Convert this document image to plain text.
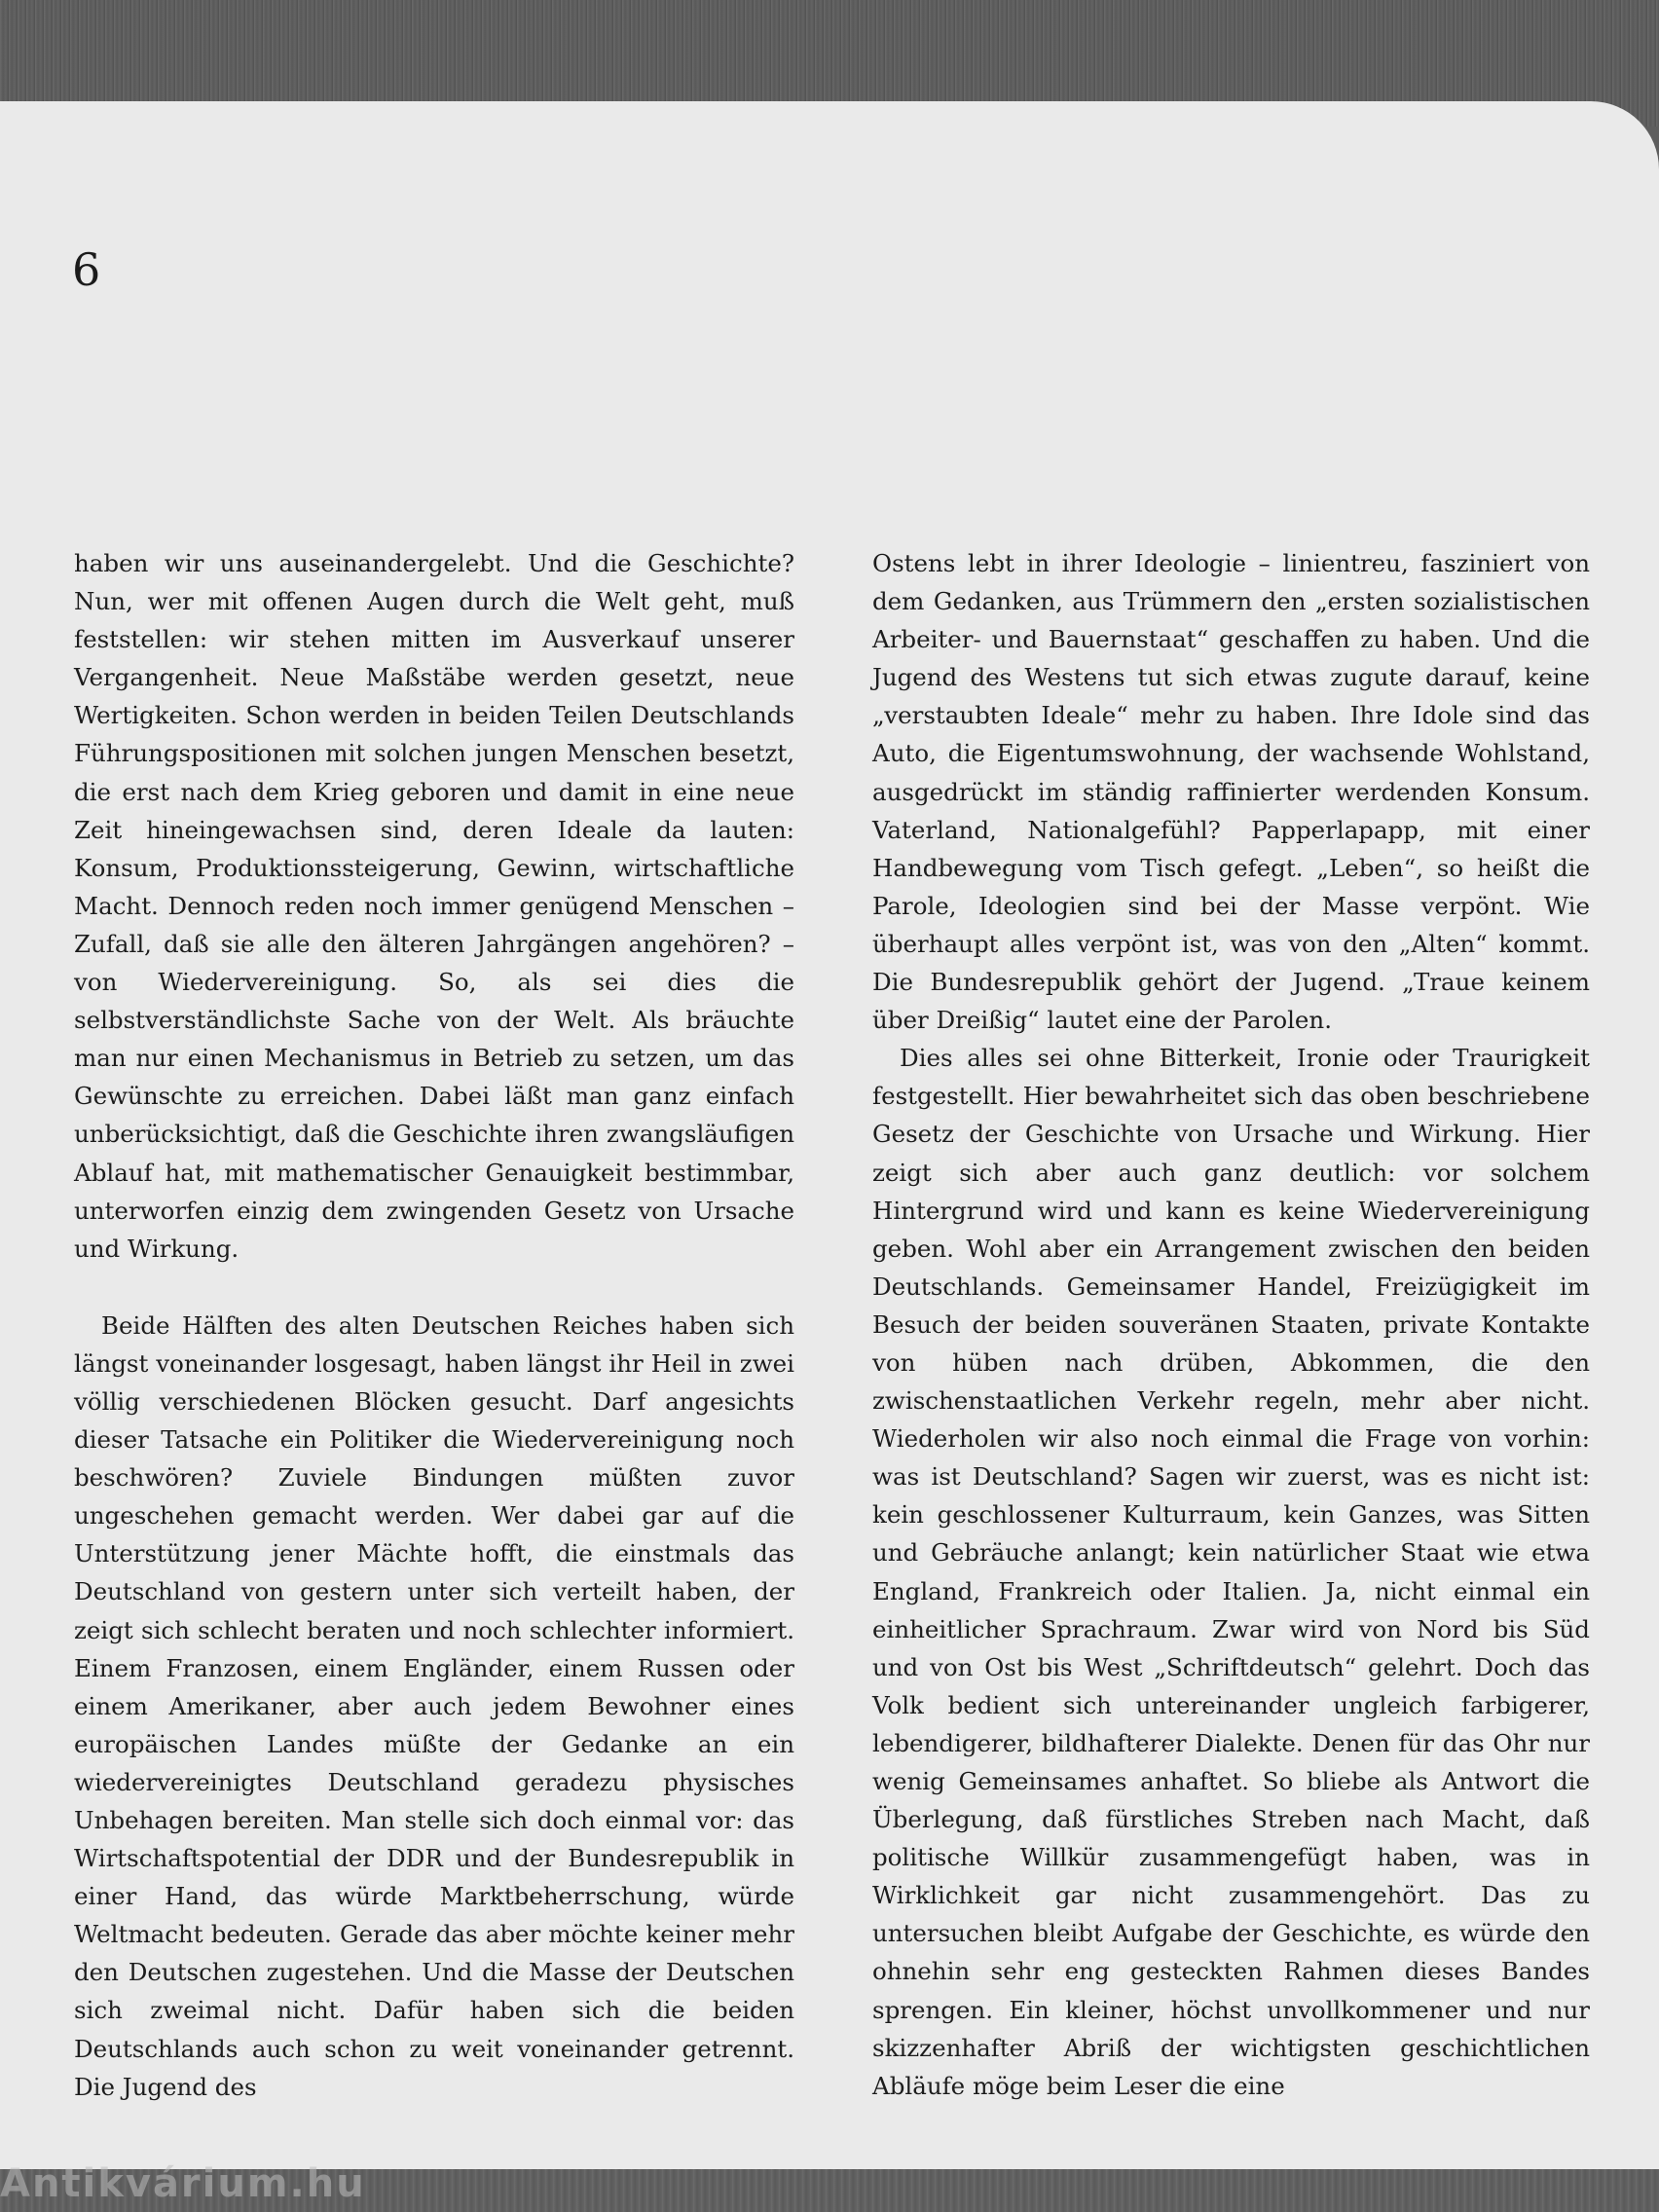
6

haben wir uns auseinandergelebt. Und die Geschichte? Nun, wer mit offenen Augen durch die Welt geht, muß feststellen: wir stehen mitten im Ausverkauf unserer Vergangenheit. Neue Maßstäbe werden gesetzt, neue Wertigkeiten. Schon werden in beiden Teilen Deutschlands Führungspositionen mit solchen jungen Menschen besetzt, die erst nach dem Krieg geboren und damit in eine neue Zeit hineingewachsen sind, deren Ideale da lauten: Konsum, Produktionssteigerung, Gewinn, wirtschaftliche Macht. Dennoch reden noch immer genügend Menschen – Zufall, daß sie alle den älteren Jahrgängen angehören? – von Wiedervereinigung. So, als sei dies die selbstverständlichste Sache von der Welt. Als bräuchte man nur einen Mechanismus in Betrieb zu setzen, um das Gewünschte zu erreichen. Dabei läßt man ganz einfach unberücksichtigt, daß die Geschichte ihren zwangsläufigen Ablauf hat, mit mathematischer Genauigkeit bestimmbar, unterworfen einzig dem zwingenden Gesetz von Ursache und Wirkung.

Beide Hälften des alten Deutschen Reiches haben sich längst voneinander losgesagt, haben längst ihr Heil in zwei völlig verschiedenen Blöcken gesucht. Darf angesichts dieser Tatsache ein Politiker die Wiedervereinigung noch beschwören? Zuviele Bindungen müßten zuvor ungeschehen gemacht werden. Wer dabei gar auf die Unterstützung jener Mächte hofft, die einstmals das Deutschland von gestern unter sich verteilt haben, der zeigt sich schlecht beraten und noch schlechter informiert. Einem Franzosen, einem Engländer, einem Russen oder einem Amerikaner, aber auch jedem Bewohner eines europäischen Landes müßte der Gedanke an ein wiedervereinigtes Deutschland geradezu physisches Unbehagen bereiten. Man stelle sich doch einmal vor: das Wirtschaftspotential der DDR und der Bundesrepublik in einer Hand, das würde Marktbeherrschung, würde Weltmacht bedeuten. Gerade das aber möchte keiner mehr den Deutschen zugestehen. Und die Masse der Deutschen sich zweimal nicht. Dafür haben sich die beiden Deutschlands auch schon zu weit voneinander getrennt. Die Jugend des

Ostens lebt in ihrer Ideologie – linientreu, fasziniert von dem Gedanken, aus Trümmern den „ersten sozialistischen Arbeiter- und Bauernstaat“ geschaffen zu haben. Und die Jugend des Westens tut sich etwas zugute darauf, keine „verstaubten Ideale“ mehr zu haben. Ihre Idole sind das Auto, die Eigentumswohnung, der wachsende Wohlstand, ausgedrückt im ständig raffinierter werdenden Konsum. Vaterland, Nationalgefühl? Papperlapapp, mit einer Handbewegung vom Tisch gefegt. „Leben“, so heißt die Parole, Ideologien sind bei der Masse verpönt. Wie überhaupt alles verpönt ist, was von den „Alten“ kommt. Die Bundesrepublik gehört der Jugend. „Traue keinem über Dreißig“ lautet eine der Parolen.

Dies alles sei ohne Bitterkeit, Ironie oder Traurigkeit festgestellt. Hier bewahrheitet sich das oben beschriebene Gesetz der Geschichte von Ursache und Wirkung. Hier zeigt sich aber auch ganz deutlich: vor solchem Hintergrund wird und kann es keine Wiedervereinigung geben. Wohl aber ein Arrangement zwischen den beiden Deutschlands. Gemeinsamer Handel, Freizügigkeit im Besuch der beiden souveränen Staaten, private Kontakte von hüben nach drüben, Abkommen, die den zwischenstaatlichen Verkehr regeln, mehr aber nicht. Wiederholen wir also noch einmal die Frage von vorhin: was ist Deutschland? Sagen wir zuerst, was es nicht ist: kein geschlossener Kulturraum, kein Ganzes, was Sitten und Gebräuche anlangt; kein natürlicher Staat wie etwa England, Frankreich oder Italien. Ja, nicht einmal ein einheitlicher Sprachraum. Zwar wird von Nord bis Süd und von Ost bis West „Schriftdeutsch“ gelehrt. Doch das Volk bedient sich untereinander ungleich farbigerer, lebendigerer, bildhafterer Dialekte. Denen für das Ohr nur wenig Gemeinsames anhaftet. So bliebe als Antwort die Überlegung, daß fürstliches Streben nach Macht, daß politische Willkür zusammengefügt haben, was in Wirklichkeit gar nicht zusammengehört. Das zu untersuchen bleibt Aufgabe der Geschichte, es würde den ohnehin sehr eng gesteckten Rahmen dieses Bandes sprengen. Ein kleiner, höchst unvollkommener und nur skizzenhafter Abriß der wichtigsten geschichtlichen Abläufe möge beim Leser die eine

Antikvárium.hu
